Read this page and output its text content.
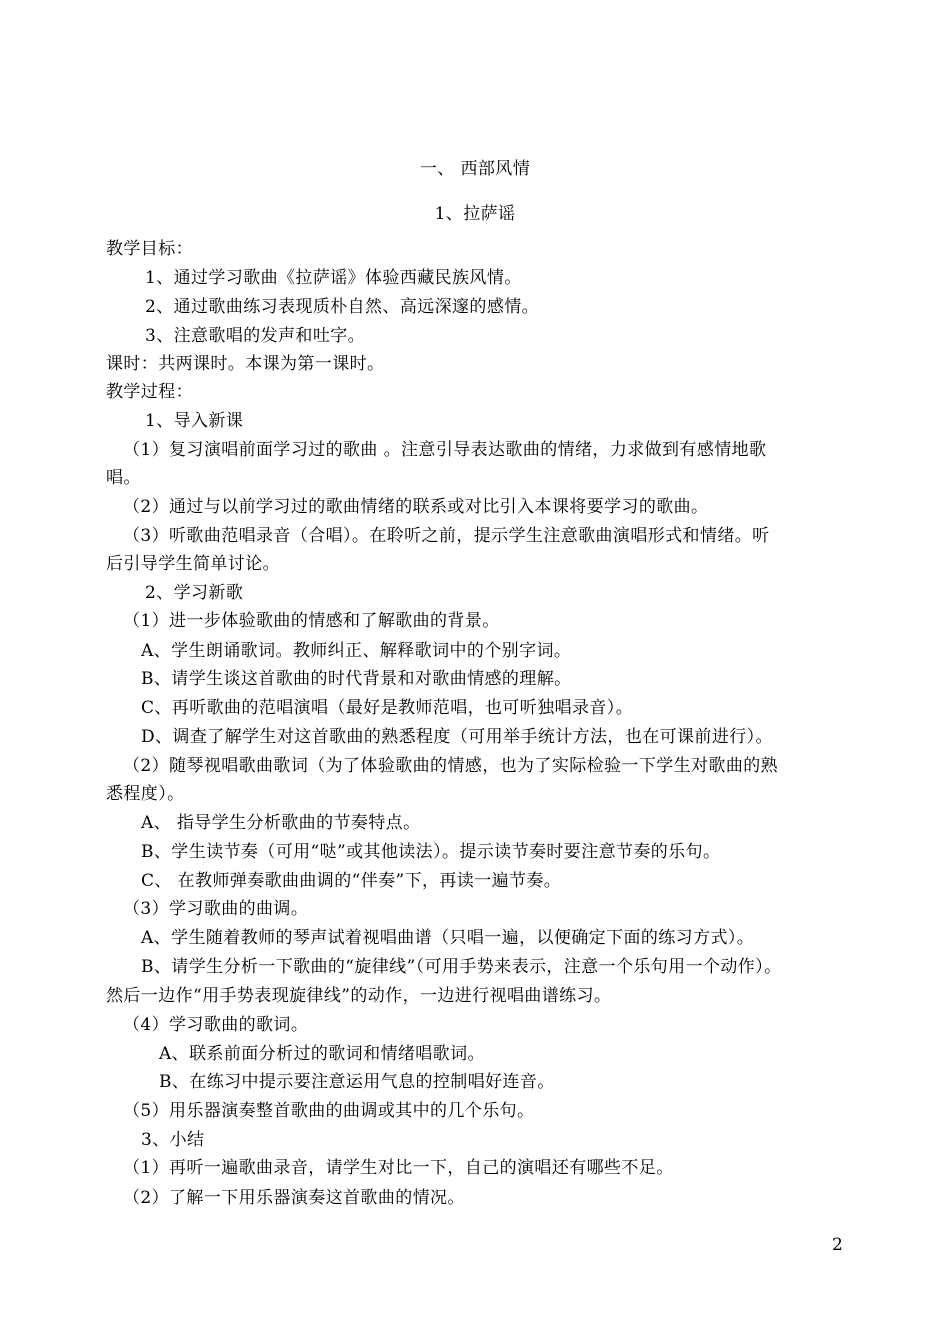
一、 西部风情
1、拉萨谣
教学目标：
1、通过学习歌曲《拉萨谣》体验西藏民族风情。
2、通过歌曲练习表现质朴自然、高远深邃的感情。
3、注意歌唱的发声和吐字。
课时：共两课时。本课为第一课时。
教学过程：
1、导入新课
（1）复习演唱前面学习过的歌曲 。注意引导表达歌曲的情绪，力求做到有感情地歌
唱。
（2）通过与以前学习过的歌曲情绪的联系或对比引入本课将要学习的歌曲。
（3）听歌曲范唱录音（合唱）。在聆听之前，提示学生注意歌曲演唱形式和情绪。听
后引导学生简单讨论。
2、学习新歌
（1）进一步体验歌曲的情感和了解歌曲的背景。
A、学生朗诵歌词。教师纠正、解释歌词中的个别字词。
B、请学生谈这首歌曲的时代背景和对歌曲情感的理解。
C、再听歌曲的范唱演唱（最好是教师范唱，也可听独唱录音）。
D、调查了解学生对这首歌曲的熟悉程度（可用举手统计方法，也在可课前进行）。
（2）随琴视唱歌曲歌词（为了体验歌曲的情感，也为了实际检验一下学生对歌曲的熟
悉程度）。
A、 指导学生分析歌曲的节奏特点。
B、学生读节奏（可用“哒”或其他读法）。提示读节奏时要注意节奏的乐句。
C、 在教师弹奏歌曲曲调的“伴奏”下，再读一遍节奏。
（3）学习歌曲的曲调。
A、学生随着教师的琴声试着视唱曲谱（只唱一遍，以便确定下面的练习方式）。
B、请学生分析一下歌曲的“旋律线”（可用手势来表示，注意一个乐句用一个动作）。
然后一边作“用手势表现旋律线”的动作，一边进行视唱曲谱练习。
（4）学习歌曲的歌词。
A、联系前面分析过的歌词和情绪唱歌词。
B、在练习中提示要注意运用气息的控制唱好连音。
（5）用乐器演奏整首歌曲的曲调或其中的几个乐句。
3、小结
（1）再听一遍歌曲录音，请学生对比一下，自己的演唱还有哪些不足。
（2）了解一下用乐器演奏这首歌曲的情况。
2
